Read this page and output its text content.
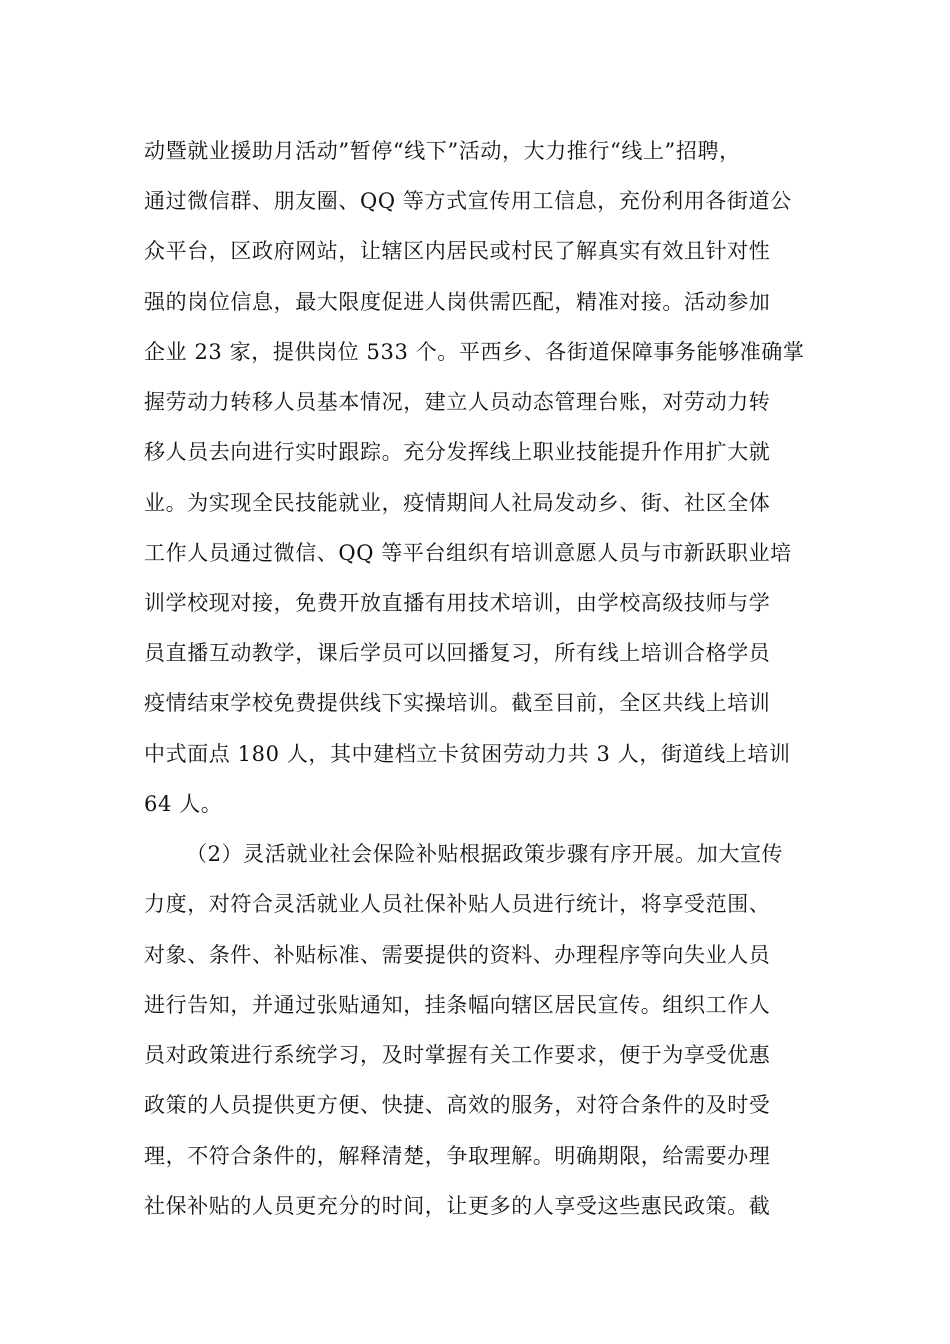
动暨就业援助月活动”暂停“线下”活动，大力推行“线上”招聘，
通过微信群、朋友圈、QQ 等方式宣传用工信息，充份利用各街道公
众平台，区政府网站，让辖区内居民或村民了解真实有效且针对性
强的岗位信息，最大限度促进人岗供需匹配，精准对接。活动参加
企业 23 家，提供岗位 533 个。平西乡、各街道保障事务能够准确掌
握劳动力转移人员基本情况，建立人员动态管理台账，对劳动力转
移人员去向进行实时跟踪。充分发挥线上职业技能提升作用扩大就
业。为实现全民技能就业，疫情期间人社局发动乡、街、社区全体
工作人员通过微信、QQ 等平台组织有培训意愿人员与市新跃职业培
训学校现对接，免费开放直播有用技术培训，由学校高级技师与学
员直播互动教学，课后学员可以回播复习，所有线上培训合格学员
疫情结束学校免费提供线下实操培训。截至目前，全区共线上培训
中式面点 180 人，其中建档立卡贫困劳动力共 3 人，街道线上培训
64 人。
（2）灵活就业社会保险补贴根据政策步骤有序开展。加大宣传
力度，对符合灵活就业人员社保补贴人员进行统计，将享受范围、
对象、条件、补贴标准、需要提供的资料、办理程序等向失业人员
进行告知，并通过张贴通知，挂条幅向辖区居民宣传。组织工作人
员对政策进行系统学习，及时掌握有关工作要求，便于为享受优惠
政策的人员提供更方便、快捷、高效的服务，对符合条件的及时受
理，不符合条件的，解释清楚，争取理解。明确期限，给需要办理
社保补贴的人员更充分的时间，让更多的人享受这些惠民政策。截
